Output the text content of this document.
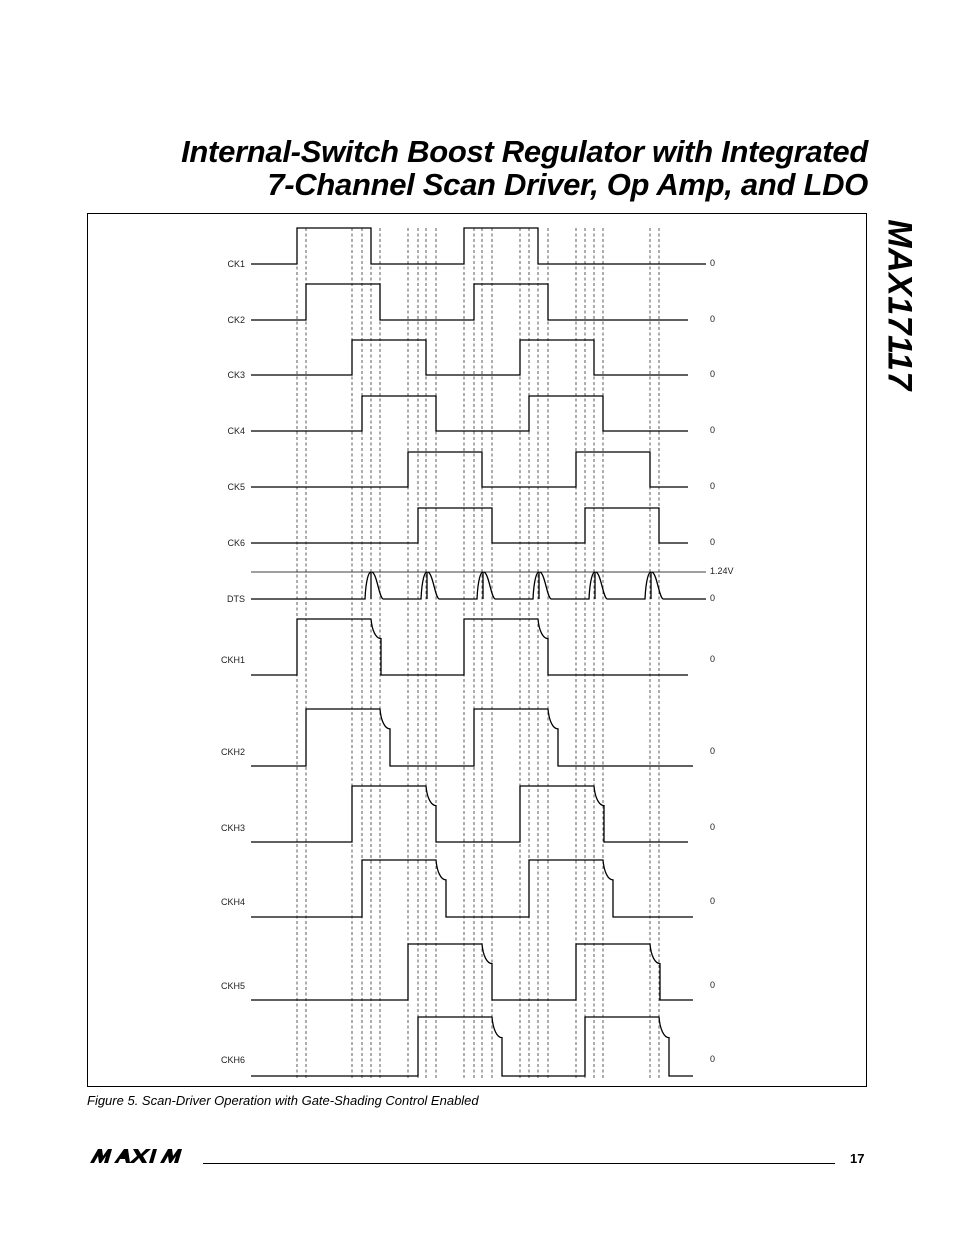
Internal-Switch Boost Regulator with Integrated
7-Channel Scan Driver, Op Amp, and LDO
MAX17117
CK1	0
CK2	0
CK3	0
CK4	0
CK5	0
CK6	0
DTS	0
1.24V
CKH1	0
CKH2	0
CKH3	0
CKH4	0
CKH5	0
CKH6	0
Figure 5. Scan-Driver Operation with Gate-Shading Control Enabled
17
